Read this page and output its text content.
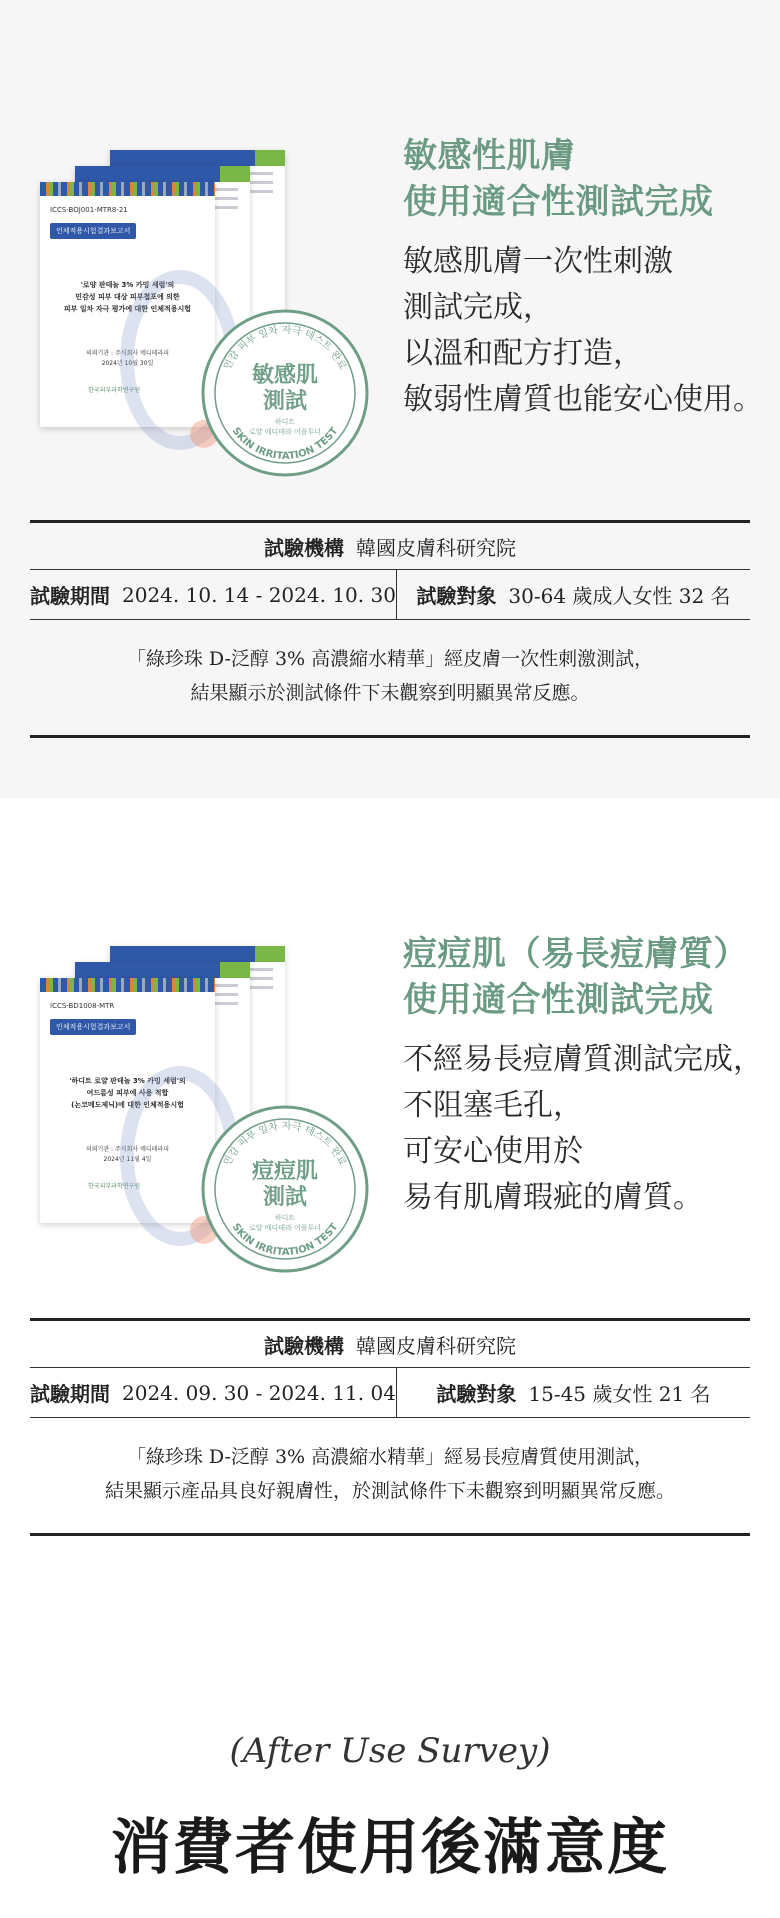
ICCS-BOJ001-MTR8-21
인체적용시험결과보고서
'로양 판테놀 3% 카밍 세럼'의
민감성 피부 대상 피부첩포에 의한
피부 일차 자극 평가에 대한 인체적용시험
의뢰기관 : 주식회사 메디테라피
2024년 10월 30일
한국피부과학연구원
민감 피부 일차 자극 테스트 완료
SKIN IRRITATION TEST
敏感肌
測試
하디트
로얄 메디테라 어플투너
敏感性肌膚
使用適合性測試完成
敏感肌膚一次性刺激
測試完成，
以溫和配方打造，
敏弱性膚質也能安心使用。
試驗機構 韓國皮膚科研究院
試驗期間 2024. 10. 14 - 2024. 10. 30 試驗對象 30-64 歲成人女性 32 名
「綠珍珠 D-泛醇 3% 高濃縮水精華」經皮膚一次性刺激測試，
結果顯示於測試條件下未觀察到明顯異常反應。
ICCS-BD1008-MTR
인체적용시험결과보고서
'하디트 로얄 판테놀 3% 카밍 세럼'의
여드름성 피부에 사용 적합
(논코메도제닉)에 대한 인체적용시험
의뢰기관 : 주식회사 메디테라피
2024년 11월 4일
한국피부과학연구원
민감 피부 일차 자극 테스트 완료
SKIN IRRITATION TEST
痘痘肌
測試
하디트
로얄 메디테라 어플투너
痘痘肌（易長痘膚質）
使用適合性測試完成
不經易長痘膚質測試完成，
不阻塞毛孔，
可安心使用於
易有肌膚瑕疵的膚質。
試驗機構 韓國皮膚科研究院
試驗期間 2024. 09. 30 - 2024. 11. 04 試驗對象 15-45 歲女性 21 名
「綠珍珠 D-泛醇 3% 高濃縮水精華」經易長痘膚質使用測試，
結果顯示產品具良好親膚性，於測試條件下未觀察到明顯異常反應。
(After Use Survey)
消費者使用後滿意度
